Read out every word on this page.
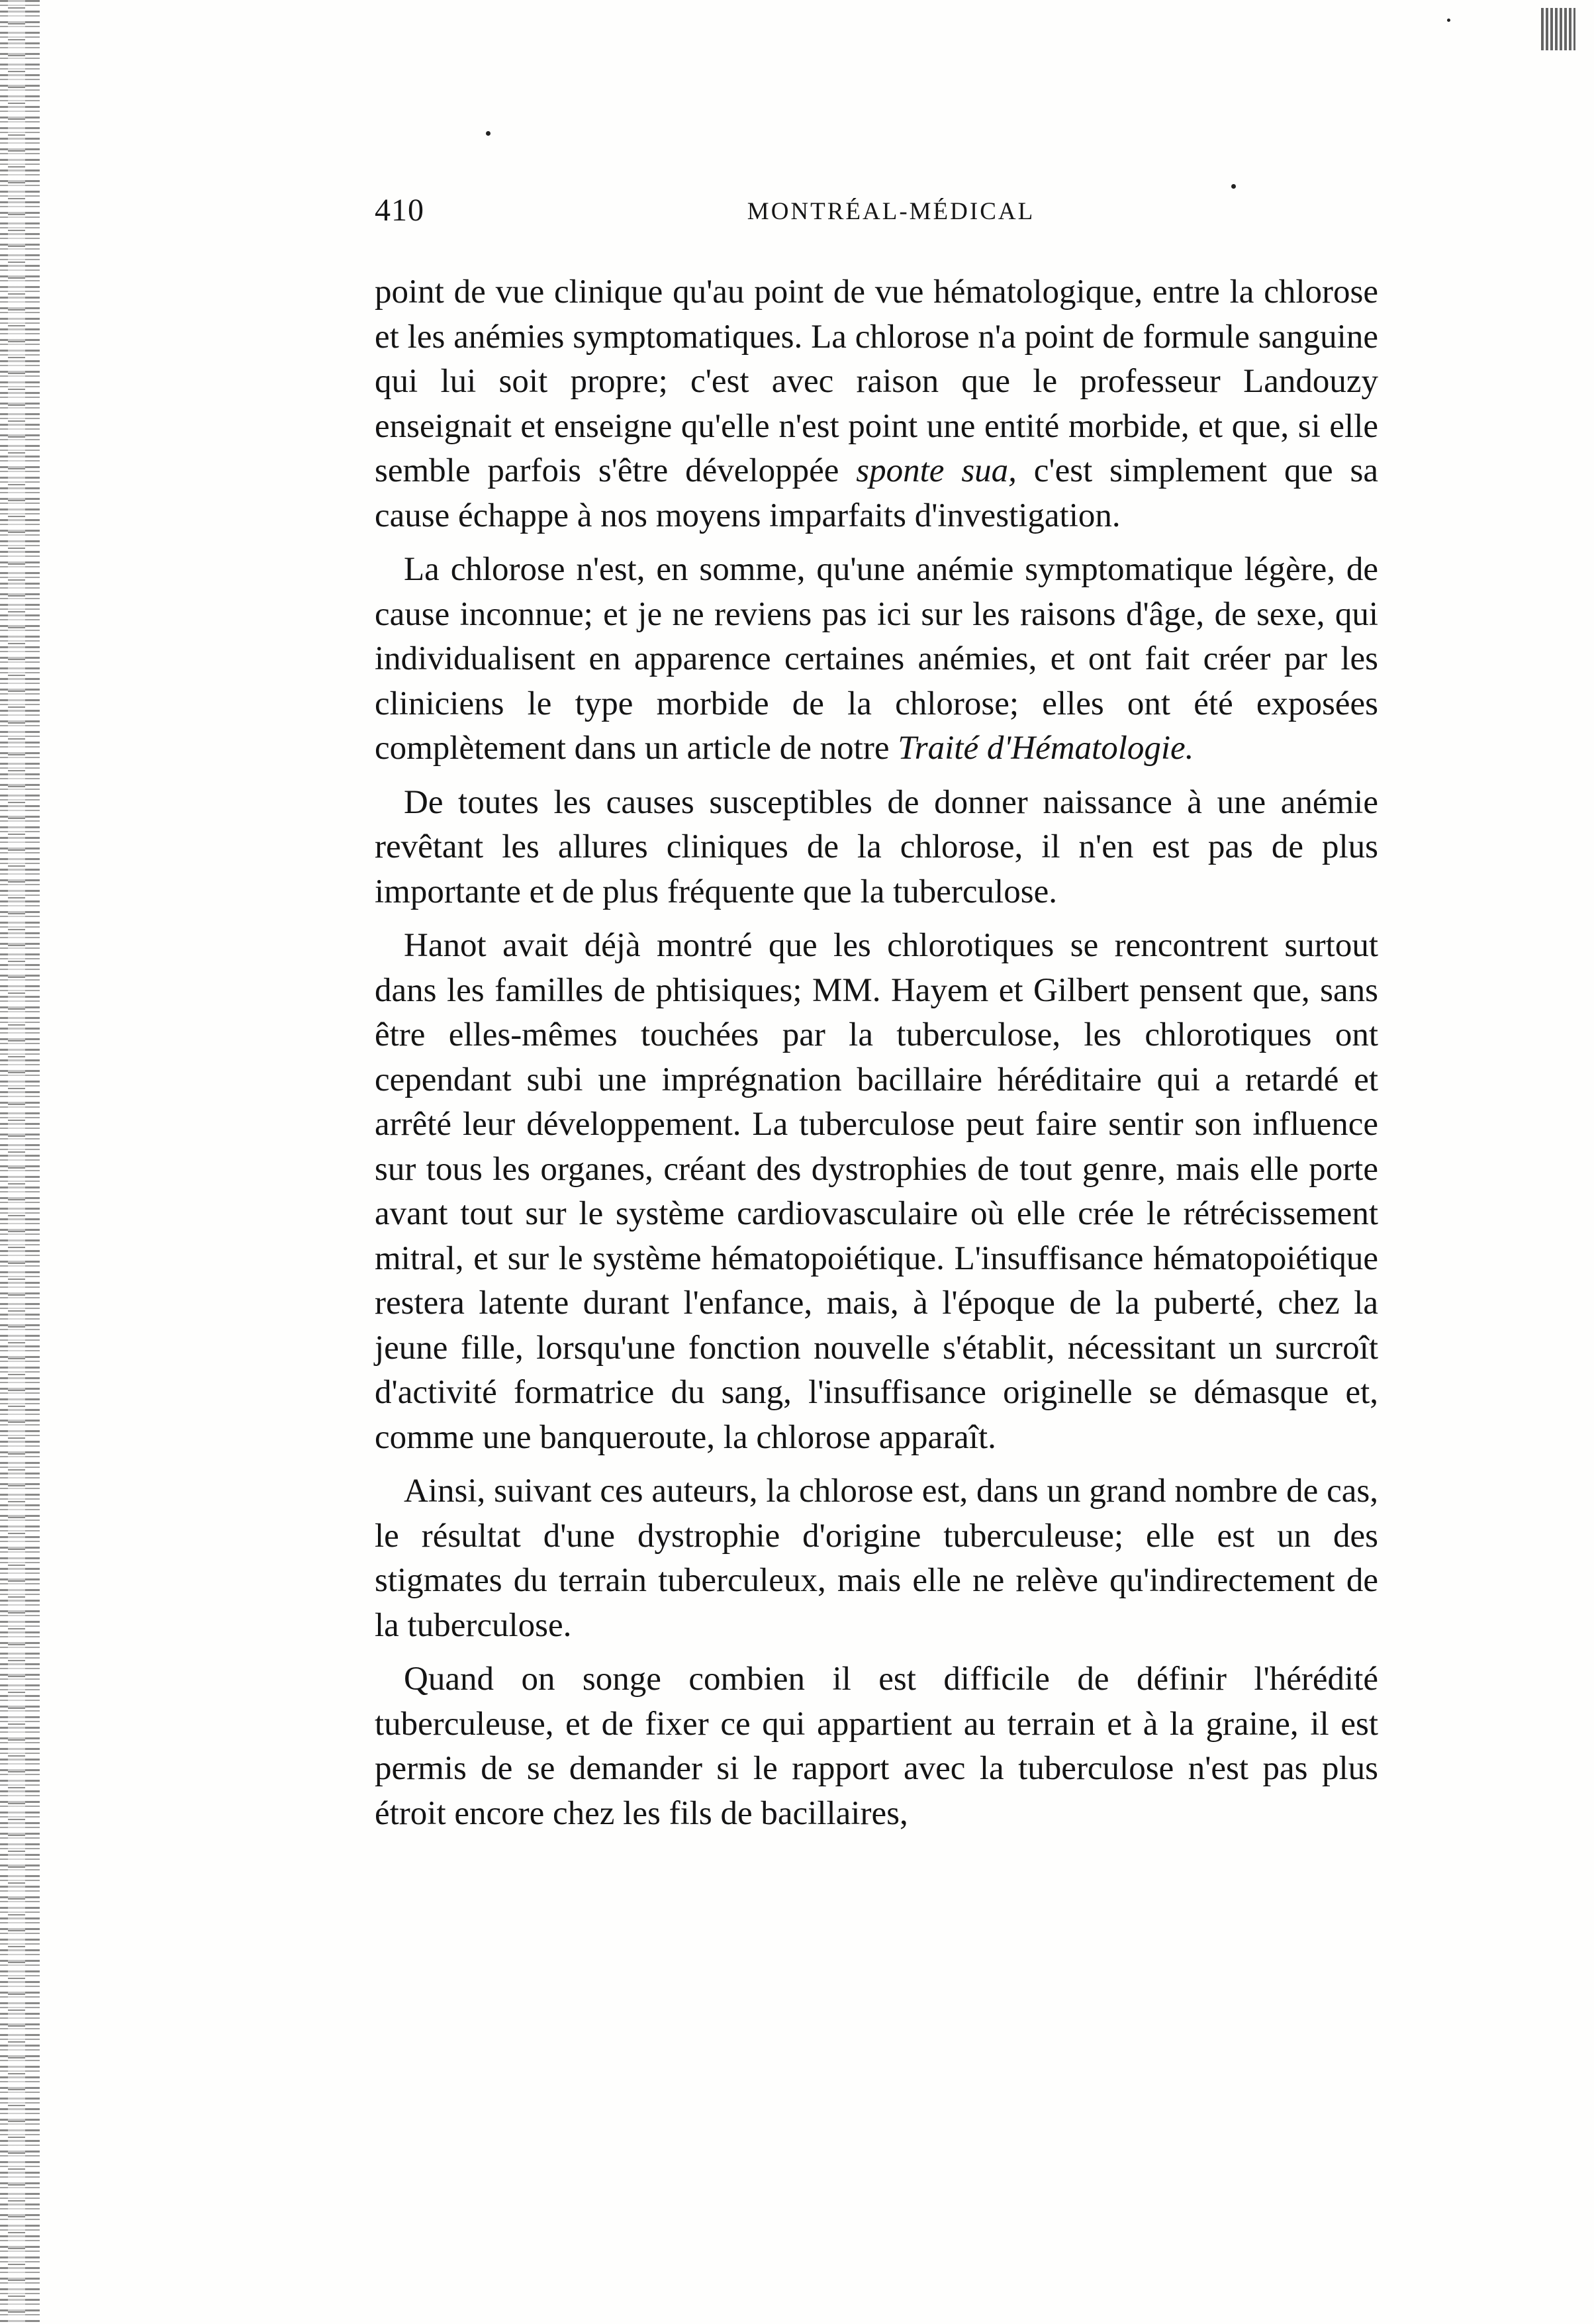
410	MONTRÉAL-MÉDICAL

point de vue clinique qu'au point de vue hématologique, entre la chlorose et les anémies symptomatiques. La chlorose n'a point de formule sanguine qui lui soit propre; c'est avec raison que le professeur Landouzy enseignait et enseigne qu'elle n'est point une entité morbide, et que, si elle semble parfois s'être développée sponte sua, c'est simplement que sa cause échappe à nos moyens imparfaits d'investigation.

La chlorose n'est, en somme, qu'une anémie symptomatique légère, de cause inconnue; et je ne reviens pas ici sur les raisons d'âge, de sexe, qui individualisent en apparence certaines anémies, et ont fait créer par les cliniciens le type morbide de la chlorose; elles ont été exposées complètement dans un article de notre Traité d'Hématologie.

De toutes les causes susceptibles de donner naissance à une anémie revêtant les allures cliniques de la chlorose, il n'en est pas de plus importante et de plus fréquente que la tuberculose.

Hanot avait déjà montré que les chlorotiques se rencontrent surtout dans les familles de phtisiques; MM. Hayem et Gilbert pensent que, sans être elles-mêmes touchées par la tuberculose, les chlorotiques ont cependant subi une imprégnation bacillaire héréditaire qui a retardé et arrêté leur développement. La tuberculose peut faire sentir son influence sur tous les organes, créant des dystrophies de tout genre, mais elle porte avant tout sur le système cardiovasculaire où elle crée le rétrécissement mitral, et sur le système hématopoiétique. L'insuffisance hématopoiétique restera latente durant l'enfance, mais, à l'époque de la puberté, chez la jeune fille, lorsqu'une fonction nouvelle s'établit, nécessitant un surcroît d'activité formatrice du sang, l'insuffisance originelle se démasque et, comme une banqueroute, la chlorose apparaît.

Ainsi, suivant ces auteurs, la chlorose est, dans un grand nombre de cas, le résultat d'une dystrophie d'origine tuberculeuse; elle est un des stigmates du terrain tuberculeux, mais elle ne relève qu'indirectement de la tuberculose.

Quand on songe combien il est difficile de définir l'hérédité tuberculeuse, et de fixer ce qui appartient au terrain et à la graine, il est permis de se demander si le rapport avec la tuberculose n'est pas plus étroit encore chez les fils de bacillaires,
